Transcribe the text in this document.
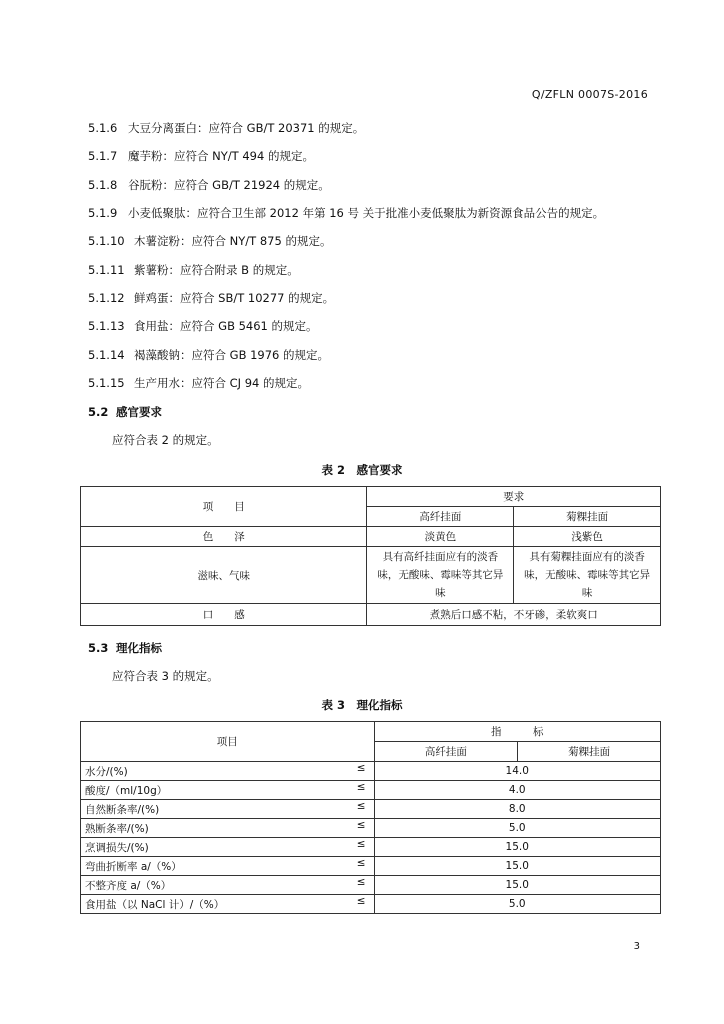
Q/ZFLN 0007S-2016
5.1.6 大豆分离蛋白：应符合 GB/T 20371 的规定。
5.1.7 魔芋粉：应符合 NY/T 494 的规定。
5.1.8 谷朊粉：应符合 GB/T 21924 的规定。
5.1.9 小麦低聚肽：应符合卫生部 2012 年第 16 号 关于批准小麦低聚肽为新资源食品公告的规定。
5.1.10 木薯淀粉：应符合 NY/T 875 的规定。
5.1.11 紫薯粉：应符合附录 B 的规定。
5.1.12 鲜鸡蛋：应符合 SB/T 10277 的规定。
5.1.13 食用盐：应符合 GB 5461 的规定。
5.1.14 褐藻酸钠：应符合 GB 1976 的规定。
5.1.15 生产用水：应符合 CJ 94 的规定。
5.2 感官要求
应符合表 2 的规定。
表 2　感官要求
项　　目	要求	
	高纤挂面	菊粿挂面
色　　泽	淡黄色	浅紫色
滋味、气味	具有高纤挂面应有的淡香味，无酸味、霉味等其它异味	具有菊粿挂面应有的淡香味，无酸味、霉味等其它异味
口　　感	煮熟后口感不粘，不牙碜，柔软爽口	
5.3 理化指标
应符合表 3 的规定。
表 3　理化指标
项目	指　　　标	
	高纤挂面	菊粿挂面
水分/(%) ≤	14.0	
酸度/（ml/10g） ≤	4.0	
自然断条率/(%) ≤	8.0	
熟断条率/(%) ≤	5.0	
烹调损失/(%) ≤	15.0	
弯曲折断率 a/（%） ≤	15.0	
不整齐度 a/（%） ≤	15.0	
食用盐（以 NaCl 计）/（%） ≤	5.0	
3
